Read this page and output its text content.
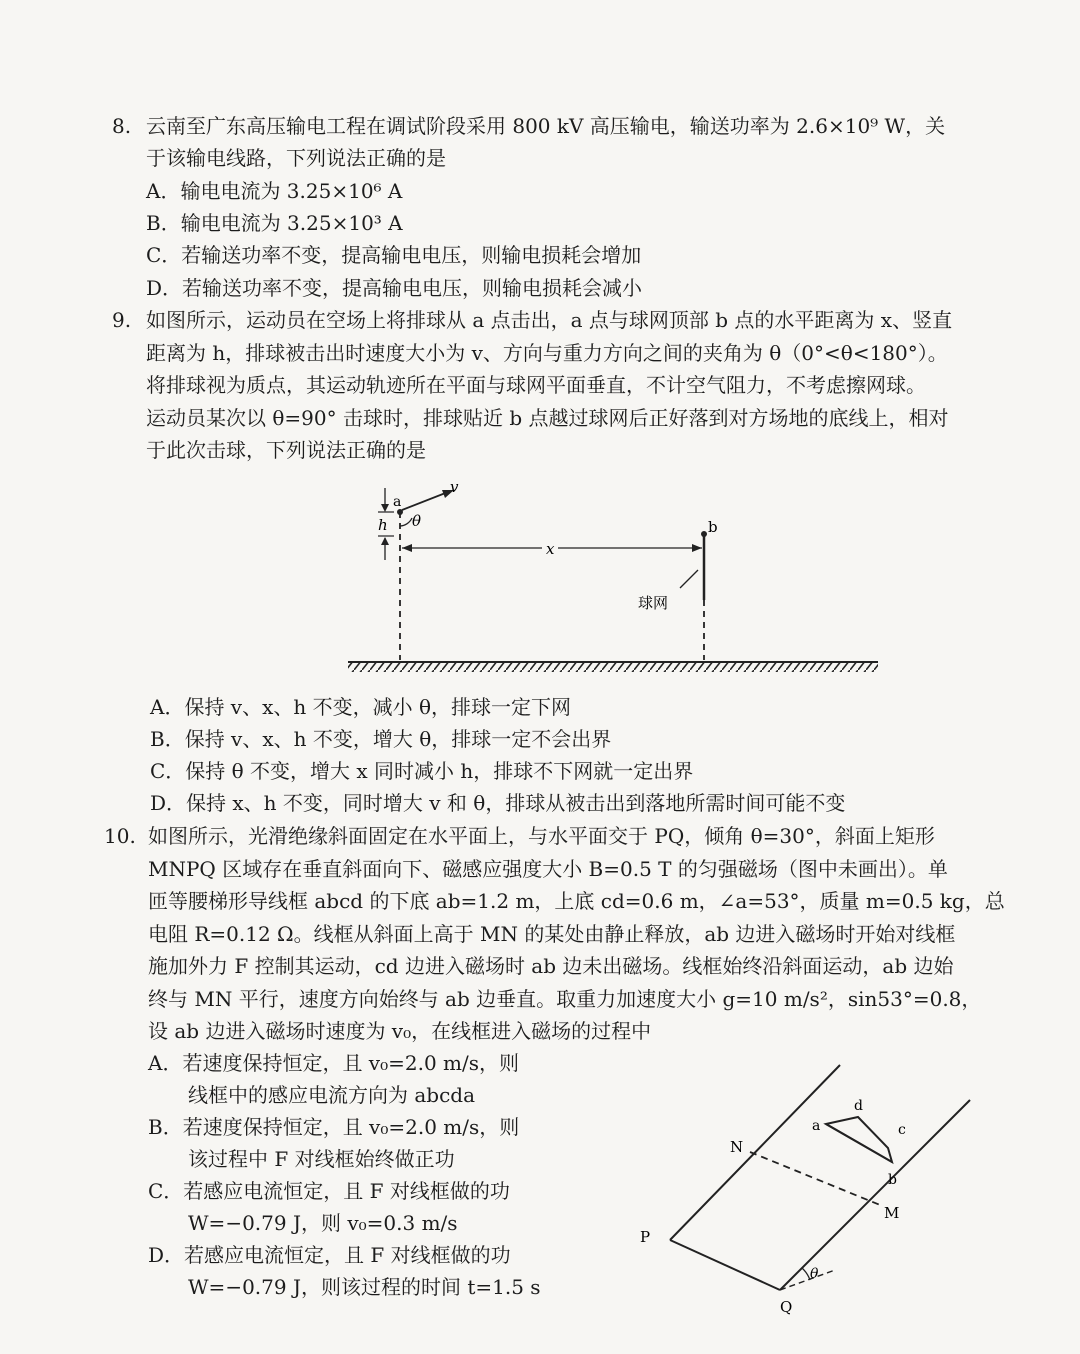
8. 云南至广东高压输电工程在调试阶段采用 800 kV 高压输电，输送功率为 2.6×10⁹ W，关
于该输电线路，下列说法正确的是
A．输电电流为 3.25×10⁶ A
B．输电电流为 3.25×10³ A
C．若输送功率不变，提高输电电压，则输电损耗会增加
D．若输送功率不变，提高输电电压，则输电损耗会减小
9. 如图所示，运动员在空场上将排球从 a 点击出，a 点与球网顶部 b 点的水平距离为 x、竖直
距离为 h，排球被击出时速度大小为 v、方向与重力方向之间的夹角为 θ（0°<θ<180°）。
将排球视为质点，其运动轨迹所在平面与球网平面垂直，不计空气阻力，不考虑擦网球。
运动员某次以 θ=90° 击球时，排球贴近 b 点越过球网后正好落到对方场地的底线上，相对
于此次击球，下列说法正确的是
球网
v
θ
a
b
h
x
A．保持 v、x、h 不变，减小 θ，排球一定下网
B．保持 v、x、h 不变，增大 θ，排球一定不会出界
C．保持 θ 不变，增大 x 同时减小 h，排球不下网就一定出界
D．保持 x、h 不变，同时增大 v 和 θ，排球从被击出到落地所需时间可能不变
10. 如图所示，光滑绝缘斜面固定在水平面上，与水平面交于 PQ，倾角 θ=30°，斜面上矩形
MNPQ 区域存在垂直斜面向下、磁感应强度大小 B=0.5 T 的匀强磁场（图中未画出）。单
匝等腰梯形导线框 abcd 的下底 ab=1.2 m，上底 cd=0.6 m，∠a=53°，质量 m=0.5 kg，总
电阻 R=0.12 Ω。线框从斜面上高于 MN 的某处由静止释放，ab 边进入磁场时开始对线框
施加外力 F 控制其运动，cd 边进入磁场时 ab 边未出磁场。线框始终沿斜面运动，ab 边始
终与 MN 平行，速度方向始终与 ab 边垂直。取重力加速度大小 g=10 m/s²，sin53°=0.8，
设 ab 边进入磁场时速度为 v₀，在线框进入磁场的过程中
A．若速度保持恒定，且 v₀=2.0 m/s，则
线框中的感应电流方向为 abcda
B．若速度保持恒定，且 v₀=2.0 m/s，则
该过程中 F 对线框始终做正功
C．若感应电流恒定，且 F 对线框做的功
W=−0.79 J，则 v₀=0.3 m/s
D．若感应电流恒定，且 F 对线框做的功
W=−0.79 J，则该过程的时间 t=1.5 s
θ
N
M
P
Q
a
d
c
b
